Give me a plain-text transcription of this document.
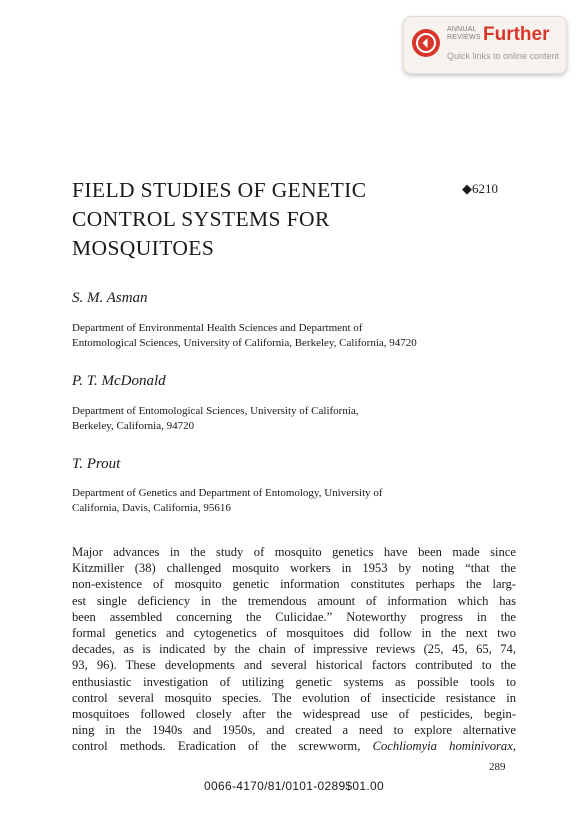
ANNUAL
REVIEWS Further
Quick links to online content
FIELD STUDIES OF GENETIC
CONTROL SYSTEMS FOR
MOSQUITOES
◆6210

S. M. Asman

Department of Environmental Health Sciences and Department of
Entomological Sciences, University of California, Berkeley, California, 94720

P. T. McDonald

Department of Entomological Sciences, University of California,
Berkeley, California, 94720

T. Prout

Department of Genetics and Department of Entomology, University of
California, Davis, California, 95616

Major advances in the study of mosquito genetics have been made since
Kitzmiller (38) challenged mosquito workers in 1953 by noting “that the
non-existence of mosquito genetic information constitutes perhaps the larg-
est single deficiency in the tremendous amount of information which has
been assembled concerning the Culicidae.” Noteworthy progress in the
formal genetics and cytogenetics of mosquitoes did follow in the next two
decades, as is indicated by the chain of impressive reviews (25, 45, 65, 74,
93, 96). These developments and several historical factors contributed to the
enthusiastic investigation of utilizing genetic systems as possible tools to
control several mosquito species. The evolution of insecticide resistance in
mosquitoes followed closely after the widespread use of pesticides, begin-
ning in the 1940s and 1950s, and created a need to explore alternative
control methods. Eradication of the screwworm, Cochliomyia hominivorax,
289
0066-4170/81/0101-0289$01.00
